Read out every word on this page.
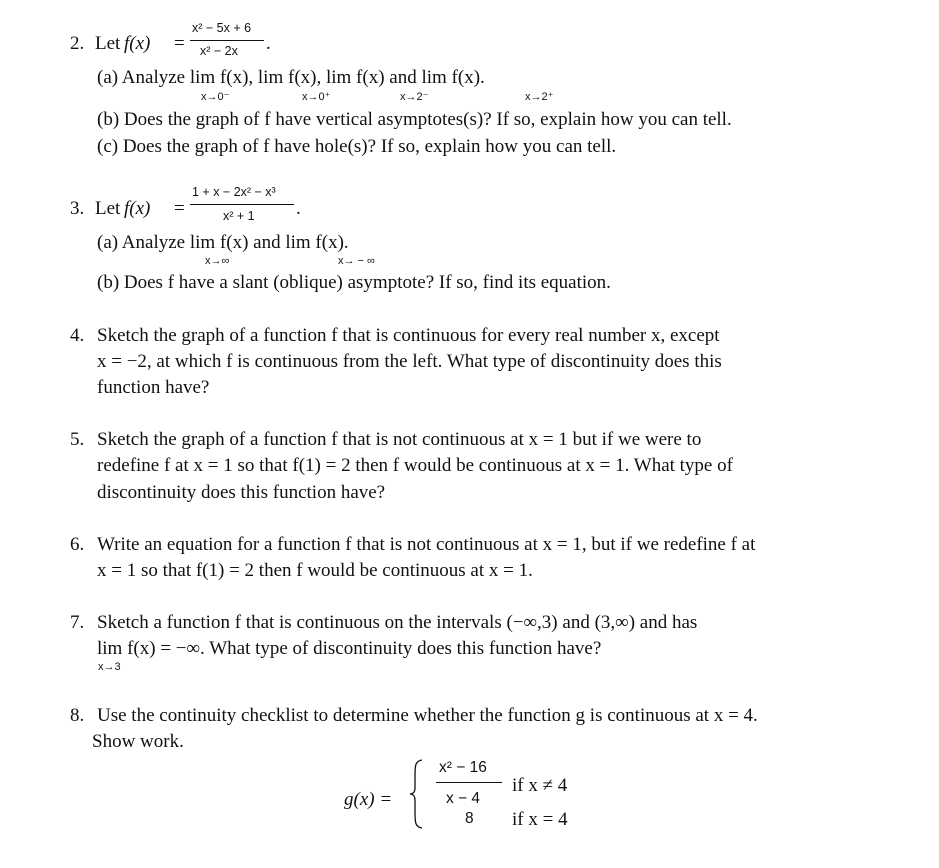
2. Let f(x) =
x² − 5x + 6
x² − 2x .
(a) Analyze lim f(x), lim f(x), lim f(x) and lim f(x).
x→0⁻	x→0⁺	x→2⁻	x→2⁺
(b) Does the graph of f have vertical asymptotes(s)? If so, explain how you can tell.
(c) Does the graph of f have hole(s)? If so, explain how you can tell.
3. Let f(x) =
1 + x − 2x² − x³
x² + 1 .
(a) Analyze lim f(x) and lim f(x).
x→∞	x→ − ∞
(b) Does f have a slant (oblique) asymptote? If so, find its equation.
4. Sketch the graph of a function f that is continuous for every real number x, except
x = −2, at which f is continuous from the left. What type of discontinuity does this
function have?
5. Sketch the graph of a function f that is not continuous at x = 1 but if we were to
redefine f at x = 1 so that f(1) = 2 then f would be continuous at x = 1. What type of
discontinuity does this function have?
6. Write an equation for a function f that is not continuous at x = 1, but if we redefine f at
x = 1 so that f(1) = 2 then f would be continuous at x = 1.
7. Sketch a function f that is continuous on the intervals (−∞,3) and (3,∞) and has
lim f(x) = −∞. What type of discontinuity does this function have?
x→3
8. Use the continuity checklist to determine whether the function g is continuous at x = 4.
Show work.
g(x) =
x² − 16
x − 4
if x ≠ 4
8 if x = 4
